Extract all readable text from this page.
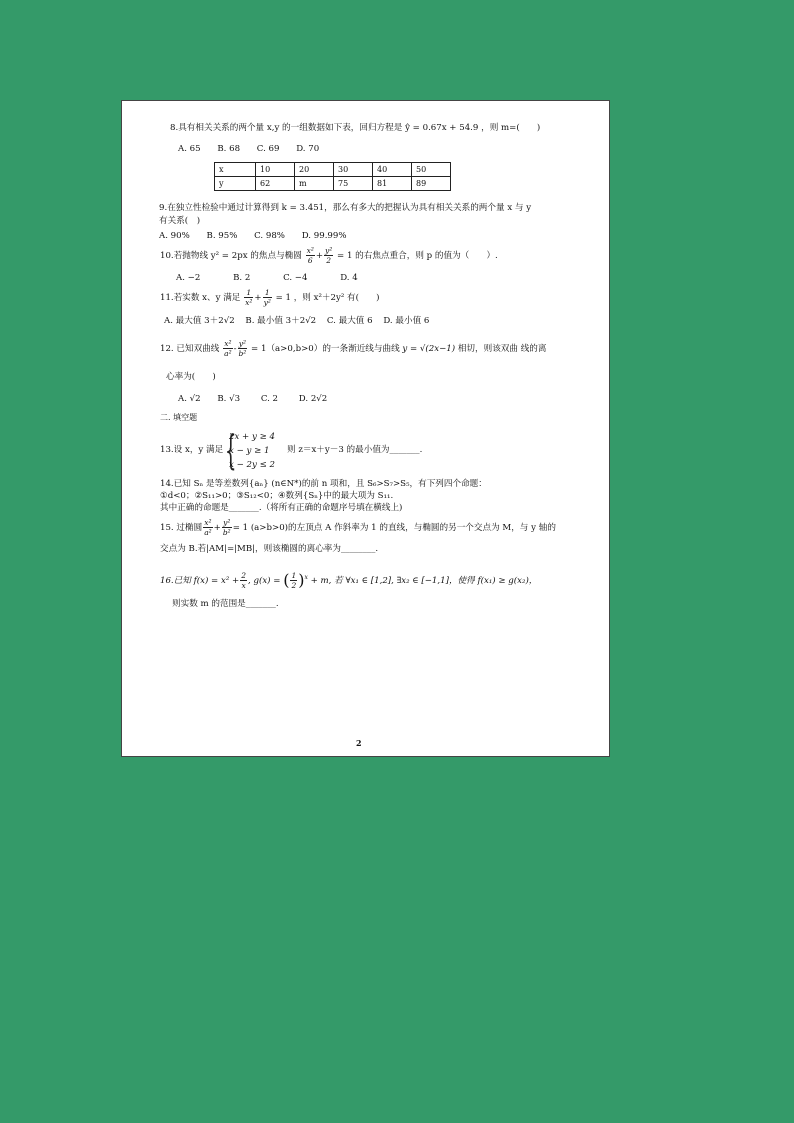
8.具有相关关系的两个量 x,y 的一组数据如下表，回归方程是 ŷ = 0.67x + 54.9 ，则 m=(　　)
A. 65 B. 68 C. 69 D. 70
x	10	20	30	40	50
y	62	m	75	81	89
9.在独立性检验中通过计算得到 k = 3.451，那么有多大的把握认为具有相关关系的两个量 x 与 y
有关系(　)
A. 90% B. 95% C. 98% D. 99.99%
10.若抛物线 y² = 2px 的焦点与椭圆 $\frac{\text{x²}}{6} + \frac{\text{y²}}{2} = 1$ 的右焦点重合，则 p 的值为（　　）.
A. −2	B. 2	C. −4	D. 4
11.若实数 x、y 满足 $\frac{1}{\text{x²}} + \frac{1}{\text{y²}} = 1$ ，则 x²＋2y² 有(　　)
A. 最大值 3＋2√2 B. 最小值 3＋2√2 C. 最大值 6 D. 最小值 6
12. 已知双曲线 $\frac{\text{x²}}{\text{a²}} - \frac{\text{y²}}{\text{b²}} = 1(a>0,b>0)$的一条渐近线与曲线 y = √(2x−1) 相切，则该双曲 线的离
心率为(　　)
A. √2 B. √3 C. 2 D. 2√2
二. 填空题
13.设 x，y 满足 {
2x + y ≥ 4
x − y ≥ 1
x − 2y ≤ 2
则 z＝x＋y－3 的最小值为_______.
14.已知 Sₙ 是等差数列{aₙ} (n∈N*)的前 n 项和，且 S₆>S₇>S₅，有下列四个命题：
①d<0；②S₁₁>0；③S₁₂<0；④数列{Sₙ}中的最大项为 S₁₁.
其中正确的命题是_______.（将所有正确的命题序号填在横线上)
15. 过椭圆 $\frac{\text{x²}}{\text{a²}} + \frac{\text{y²}}{\text{b²}} = 1$ (a>b>0)的左顶点 A 作斜率为 1 的直线，与椭圆的另一个交点为 M，与 y 轴的
交点为 B.若|AM|=|MB|，则该椭圆的离心率为________.
16.已知 $f(x) = x^2 + \frac{2}{x}$ , g(x) = ( $\frac{1}{2} )^x + m$, 若 ∀x₁ ∈ [1,2], ∃x₂ ∈ [−1,1]，使得 f(x₁) ≥ g(x₂)，
则实数 m 的范围是_______.
2
